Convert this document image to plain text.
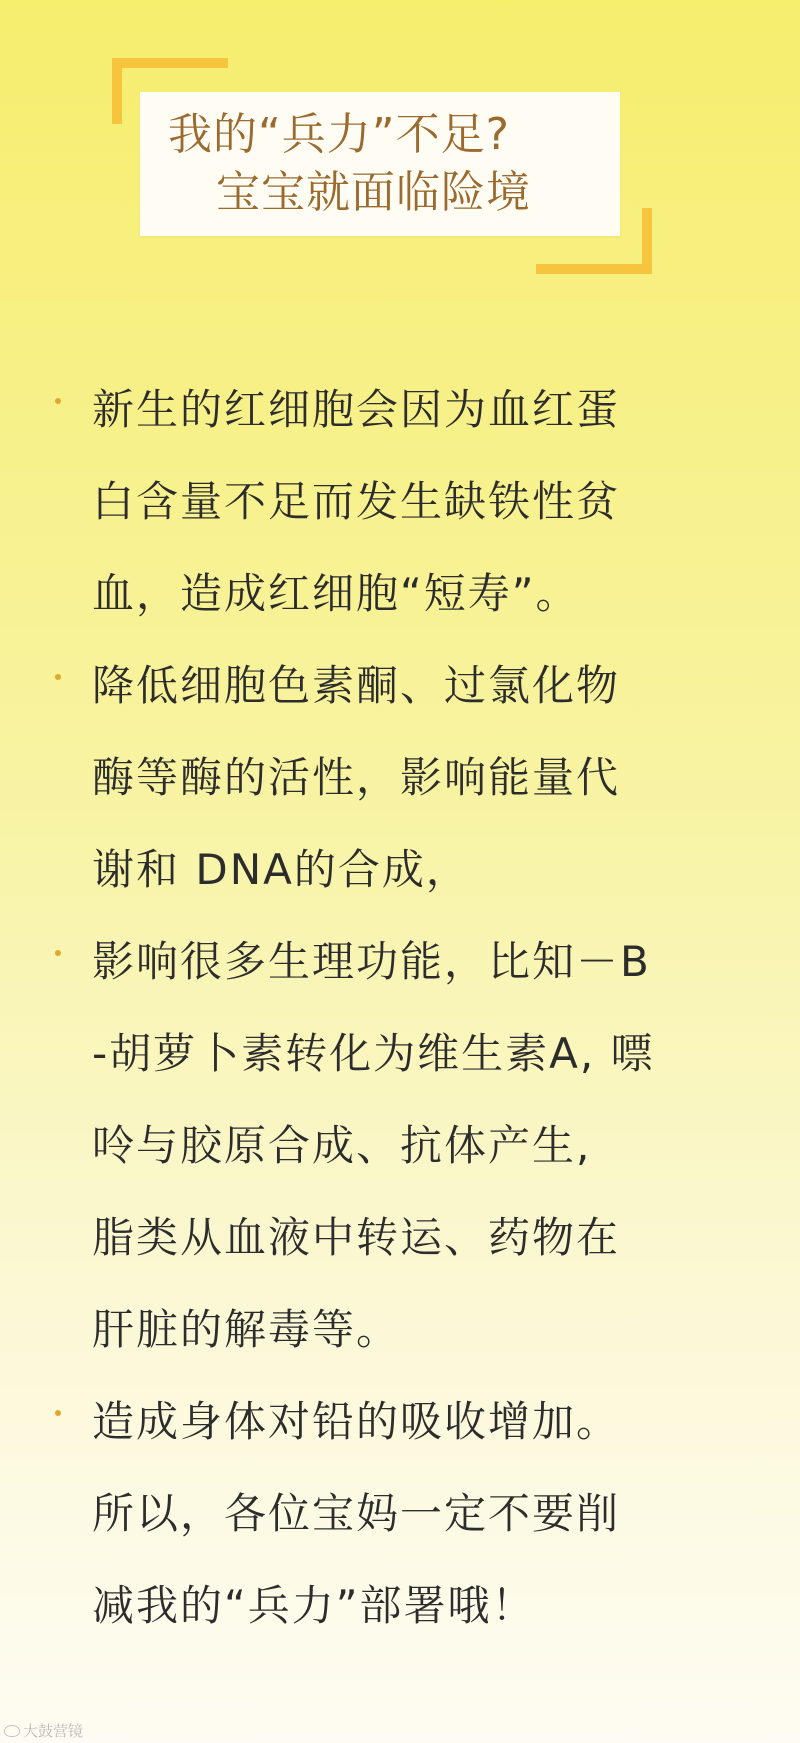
我的“兵力”不足?
宝宝就面临险境
新生的红细胞会因为血红蛋
白含量不足而发生缺铁性贫
血，造成红细胞“短寿”。
降低细胞色素酮、过氯化物
酶等酶的活性，影响能量代
谢和 DNA的合成，
影响很多生理功能，比知－B
-胡萝卜素转化为维生素A, 嘌
呤与胶原合成、抗体产生,
脂类从血液中转运、药物在
肝脏的解毒等。
造成身体对铅的吸收增加。
所以，各位宝妈一定不要削
减我的“兵力”部署哦！
大鼓营镜
